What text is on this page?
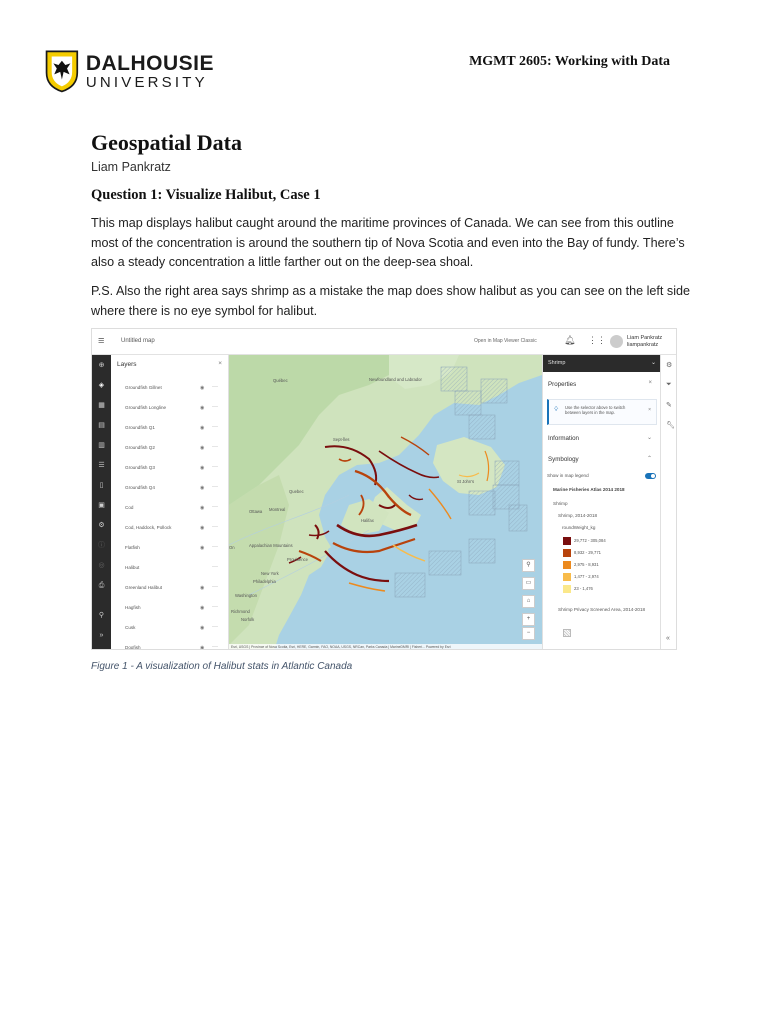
DALHOUSIE
UNIVERSITY
MGMT 2605: Working with Data
Geospatial Data
Liam Pankratz
Question 1: Visualize Halibut, Case 1
This map displays halibut caught around the maritime provinces of Canada. We can see from this outline most of the concentration is around the southern tip of Nova Scotia and even into the Bay of fundy. There’s also a steady concentration a little farther out on the deep-sea shoal.
P.S. Also the right area says shrimp as a mistake the map does show halibut as you can see on the left side where there is no eye symbol for halibut.
≡	Untitled map	Open in Map Viewer Classic	🔔︎ ⋮⋮	Liam Pankratz
liampankratz
⊕
◈
▦
▤
▥
☰
▯
▣
⚙
ⓘ
◎
⎙
⚲
»
Layers	×
Groundfish Gillnet	◉ ···
Groundfish Longline	◉ ···
Groundfish Q1	◉ ···
Groundfish Q2	◉ ···
Groundfish Q3	◉ ···
Groundfish Q4	◉ ···
Cod	◉ ···
Cod, Haddock, Pollock	◉ ···
Flatfish	◉ ···
Halibut	···
Greenland Halibut	◉ ···
Hagfish	◉ ···
Cusk	◉ ···
Dogfish	◉ ···
Québec	Newfoundland and Labrador
Sept-Îles
Quebec
Montreal
Ottawa
St John's
Halifax
Appalachian Mountains
Providence
New York
Philadelphia
Washington
Richmond
Norfolk
On
⚲
▭
⌂
+
−
Esri, USGS | Province of Nova Scotia, Esri, HERE, Garmin, FAO, NOAA, USGS, NRCan, Parks Canada | MarineDMRI | Fisheri... Powered by Esri
Shrimp	⌄
Properties	×
💡︎ Use the selector above to switch between layers in the map.	×
Information	⌄
Symbology	⌃
Show in map legend
Marine Fisheries Atlas 2014 2018
Shrimp
Shrimp, 2014-2018
roundWeight_kg
29,772 - 305,084
8,932 - 29,771
2,975 - 8,931
1,477 - 2,974
23 - 1,476
Shrimp Privacy Screened Area, 2014-2018
⚙
⏷
✎
🔧︎
«
Figure 1 - A visualization of Halibut stats in Atlantic Canada
